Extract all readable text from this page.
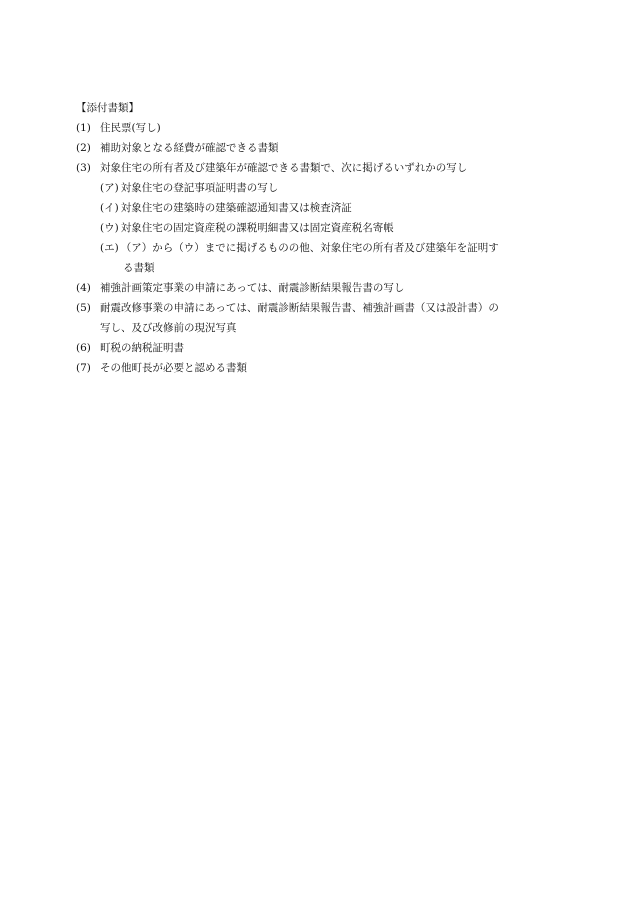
【添付書類】
(1) 住民票(写し)
(2) 補助対象となる経費が確認できる書類
(3) 対象住宅の所有者及び建築年が確認できる書類で、次に掲げるいずれかの写し
(ア) 対象住宅の登記事項証明書の写し
(イ) 対象住宅の建築時の建築確認通知書又は検査済証
(ウ) 対象住宅の固定資産税の課税明細書又は固定資産税名寄帳
(エ) （ア）から（ウ）までに掲げるものの他、対象住宅の所有者及び建築年を証明す
る書類
(4) 補強計画策定事業の申請にあっては、耐震診断結果報告書の写し
(5) 耐震改修事業の申請にあっては、耐震診断結果報告書、補強計画書（又は設計書）の
写し、及び改修前の現況写真
(6) 町税の納税証明書
(7) その他町長が必要と認める書類
